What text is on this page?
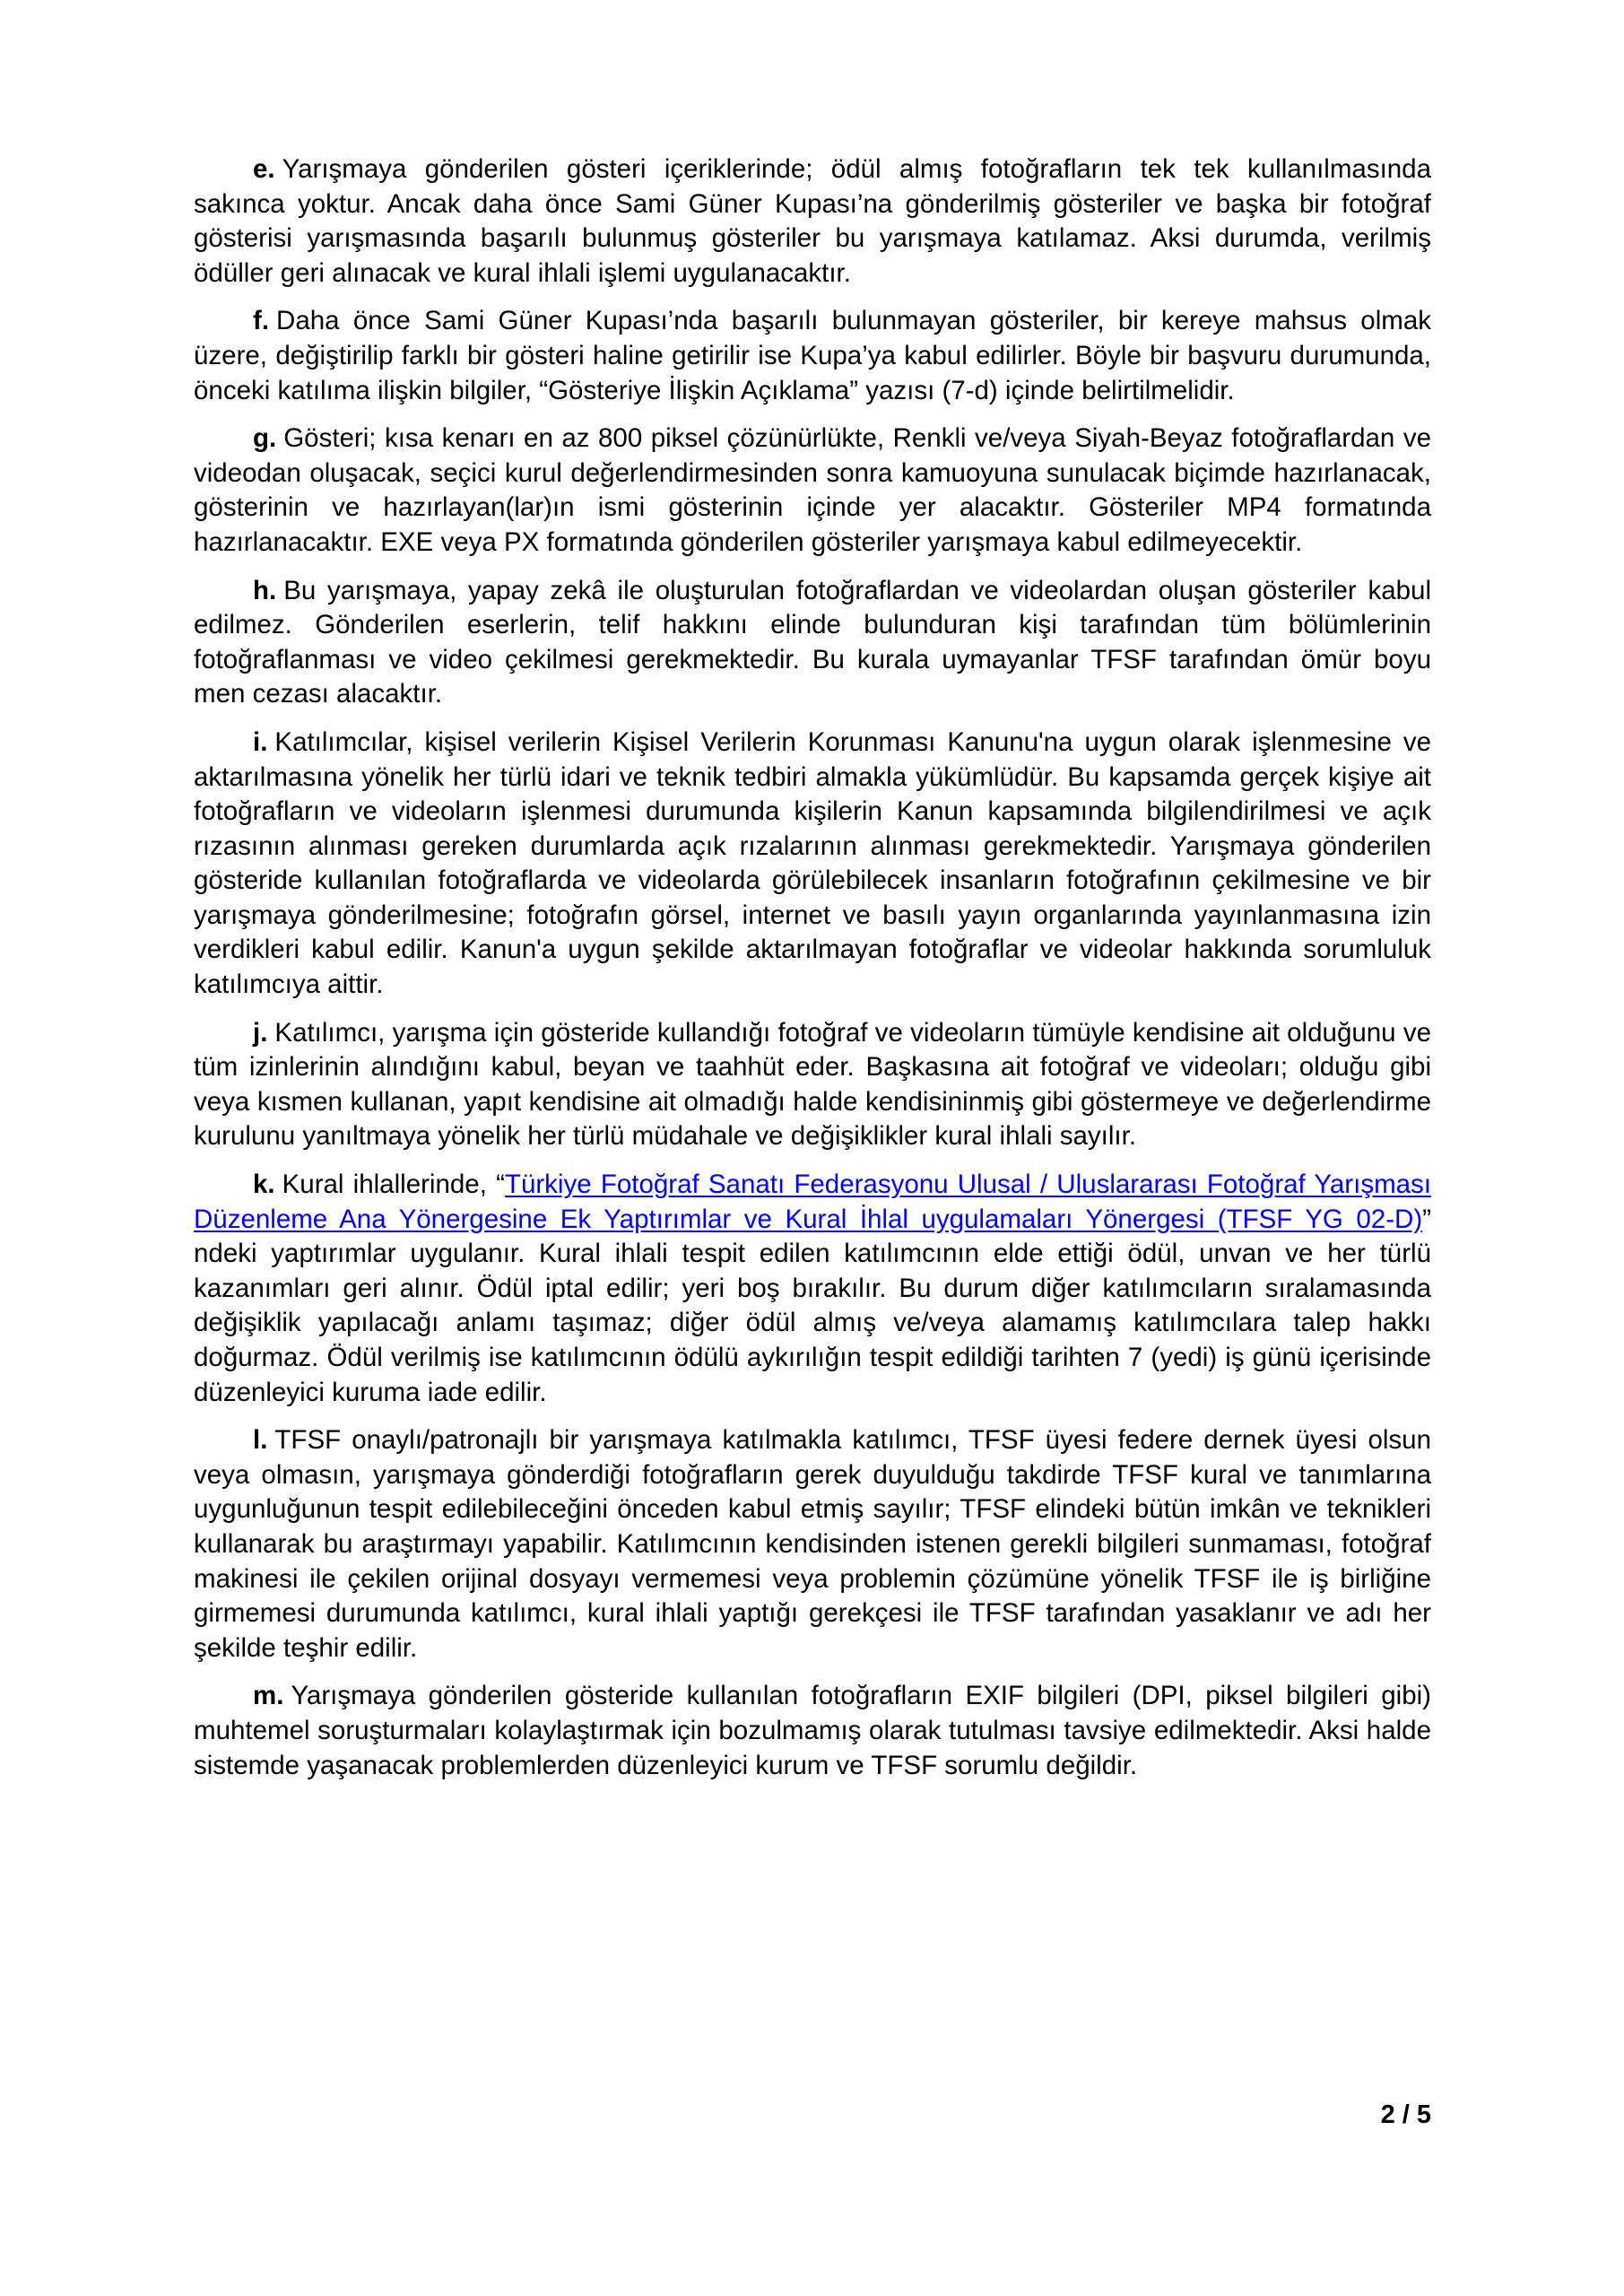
e. Yarışmaya gönderilen gösteri içeriklerinde; ödül almış fotoğrafların tek tek kullanılmasında sakınca yoktur. Ancak daha önce Sami Güner Kupası’na gönderilmiş gösteriler ve başka bir fotoğraf gösterisi yarışmasında başarılı bulunmuş gösteriler bu yarışmaya katılamaz. Aksi durumda, verilmiş ödüller geri alınacak ve kural ihlali işlemi uygulanacaktır.

f. Daha önce Sami Güner Kupası’nda başarılı bulunmayan gösteriler, bir kereye mahsus olmak üzere, değiştirilip farklı bir gösteri haline getirilir ise Kupa’ya kabul edilirler. Böyle bir başvuru durumunda, önceki katılıma ilişkin bilgiler, “Gösteriye İlişkin Açıklama” yazısı (7-d) içinde belirtilmelidir.

g. Gösteri; kısa kenarı en az 800 piksel çözünürlükte, Renkli ve/veya Siyah-Beyaz fotoğraflardan ve videodan oluşacak, seçici kurul değerlendirmesinden sonra kamuoyuna sunulacak biçimde hazırlanacak, gösterinin ve hazırlayan(lar)ın ismi gösterinin içinde yer alacaktır. Gösteriler MP4 formatında hazırlanacaktır. EXE veya PX formatında gönderilen gösteriler yarışmaya kabul edilmeyecektir.

h. Bu yarışmaya, yapay zekâ ile oluşturulan fotoğraflardan ve videolardan oluşan gösteriler kabul edilmez. Gönderilen eserlerin, telif hakkını elinde bulunduran kişi tarafından tüm bölümlerinin fotoğraflanması ve video çekilmesi gerekmektedir. Bu kurala uymayanlar TFSF tarafından ömür boyu men cezası alacaktır.

i. Katılımcılar, kişisel verilerin Kişisel Verilerin Korunması Kanunu'na uygun olarak işlenmesine ve aktarılmasına yönelik her türlü idari ve teknik tedbiri almakla yükümlüdür. Bu kapsamda gerçek kişiye ait fotoğrafların ve videoların işlenmesi durumunda kişilerin Kanun kapsamında bilgilendirilmesi ve açık rızasının alınması gereken durumlarda açık rızalarının alınması gerekmektedir. Yarışmaya gönderilen gösteride kullanılan fotoğraflarda ve videolarda görülebilecek insanların fotoğrafının çekilmesine ve bir yarışmaya gönderilmesine; fotoğrafın görsel, internet ve basılı yayın organlarında yayınlanmasına izin verdikleri kabul edilir. Kanun'a uygun şekilde aktarılmayan fotoğraflar ve videolar hakkında sorumluluk katılımcıya aittir.

j. Katılımcı, yarışma için gösteride kullandığı fotoğraf ve videoların tümüyle kendisine ait olduğunu ve tüm izinlerinin alındığını kabul, beyan ve taahhüt eder. Başkasına ait fotoğraf ve videoları; olduğu gibi veya kısmen kullanan, yapıt kendisine ait olmadığı halde kendisininmiş gibi göstermeye ve değerlendirme kurulunu yanıltmaya yönelik her türlü müdahale ve değişiklikler kural ihlali sayılır.

k. Kural ihlallerinde, “Türkiye Fotoğraf Sanatı Federasyonu Ulusal / Uluslararası Fotoğraf Yarışması Düzenleme Ana Yönergesine Ek Yaptırımlar ve Kural İhlal uygulamaları Yönergesi (TFSF YG 02-D)” ndeki yaptırımlar uygulanır. Kural ihlali tespit edilen katılımcının elde ettiği ödül, unvan ve her türlü kazanımları geri alınır. Ödül iptal edilir; yeri boş bırakılır. Bu durum diğer katılımcıların sıralamasında değişiklik yapılacağı anlamı taşımaz; diğer ödül almış ve/veya alamamış katılımcılara talep hakkı doğurmaz. Ödül verilmiş ise katılımcının ödülü aykırılığın tespit edildiği tarihten 7 (yedi) iş günü içerisinde düzenleyici kuruma iade edilir.

l. TFSF onaylı/patronajlı bir yarışmaya katılmakla katılımcı, TFSF üyesi federe dernek üyesi olsun veya olmasın, yarışmaya gönderdiği fotoğrafların gerek duyulduğu takdirde TFSF kural ve tanımlarına uygunluğunun tespit edilebileceğini önceden kabul etmiş sayılır; TFSF elindeki bütün imkân ve teknikleri kullanarak bu araştırmayı yapabilir. Katılımcının kendisinden istenen gerekli bilgileri sunmaması, fotoğraf makinesi ile çekilen orijinal dosyayı vermemesi veya problemin çözümüne yönelik TFSF ile iş birliğine girmemesi durumunda katılımcı, kural ihlali yaptığı gerekçesi ile TFSF tarafından yasaklanır ve adı her şekilde teşhir edilir.

m. Yarışmaya gönderilen gösteride kullanılan fotoğrafların EXIF bilgileri (DPI, piksel bilgileri gibi) muhtemel soruşturmaları kolaylaştırmak için bozulmamış olarak tutulması tavsiye edilmektedir. Aksi halde sistemde yaşanacak problemlerden düzenleyici kurum ve TFSF sorumlu değildir.

2 / 5
